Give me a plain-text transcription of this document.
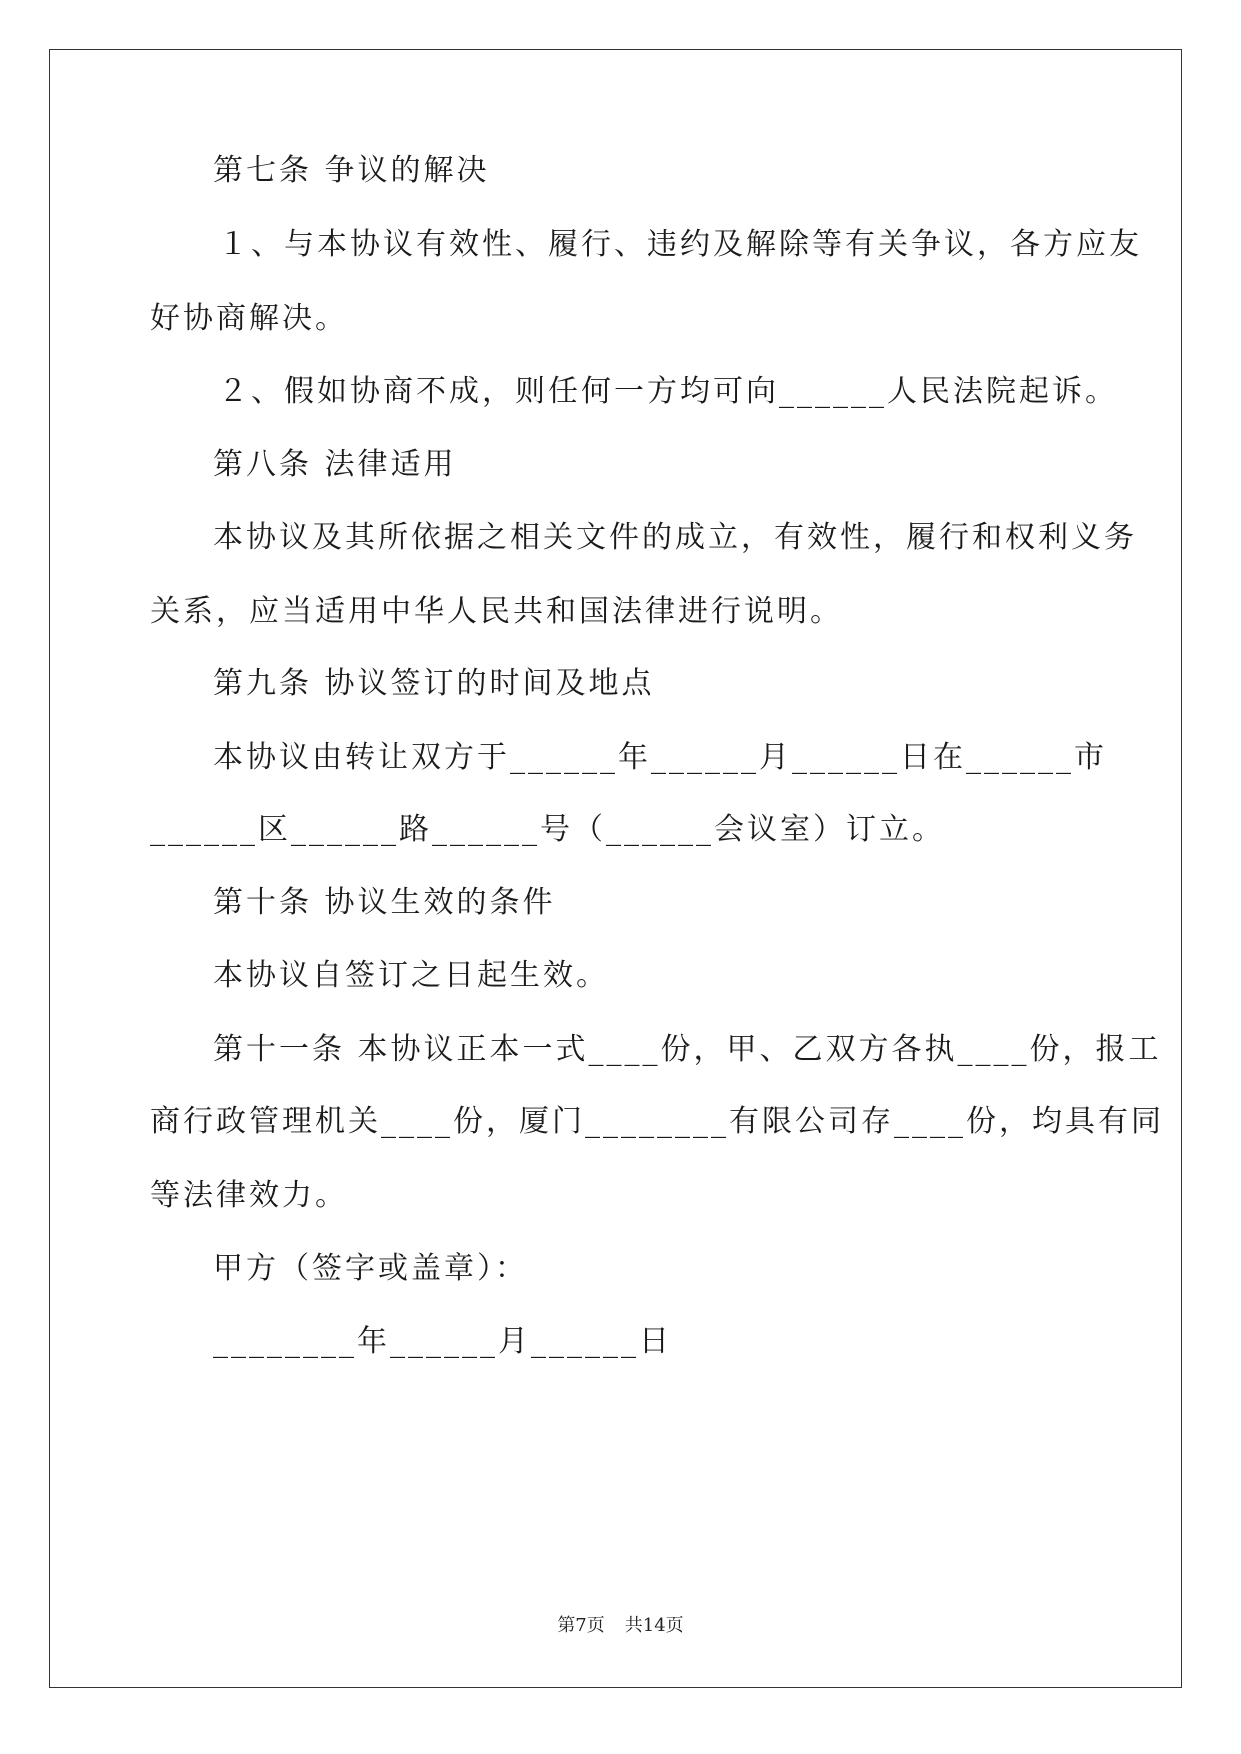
第七条 争议的解决
１、与本协议有效性、履行、违约及解除等有关争议，各方应友
好协商解决。
２、假如协商不成，则任何一方均可向______人民法院起诉。
第八条 法律适用
本协议及其所依据之相关文件的成立，有效性，履行和权利义务
关系，应当适用中华人民共和国法律进行说明。
第九条 协议签订的时间及地点
本协议由转让双方于______年______月______日在______市
______区______路______号（______会议室）订立。
第十条 协议生效的条件
本协议自签订之日起生效。
第十一条 本协议正本一式____份，甲、乙双方各执____份，报工
商行政管理机关____份，厦门________有限公司存____份，均具有同
等法律效力。
甲方（签字或盖章）：
________年______月______日
第7页 共14页
